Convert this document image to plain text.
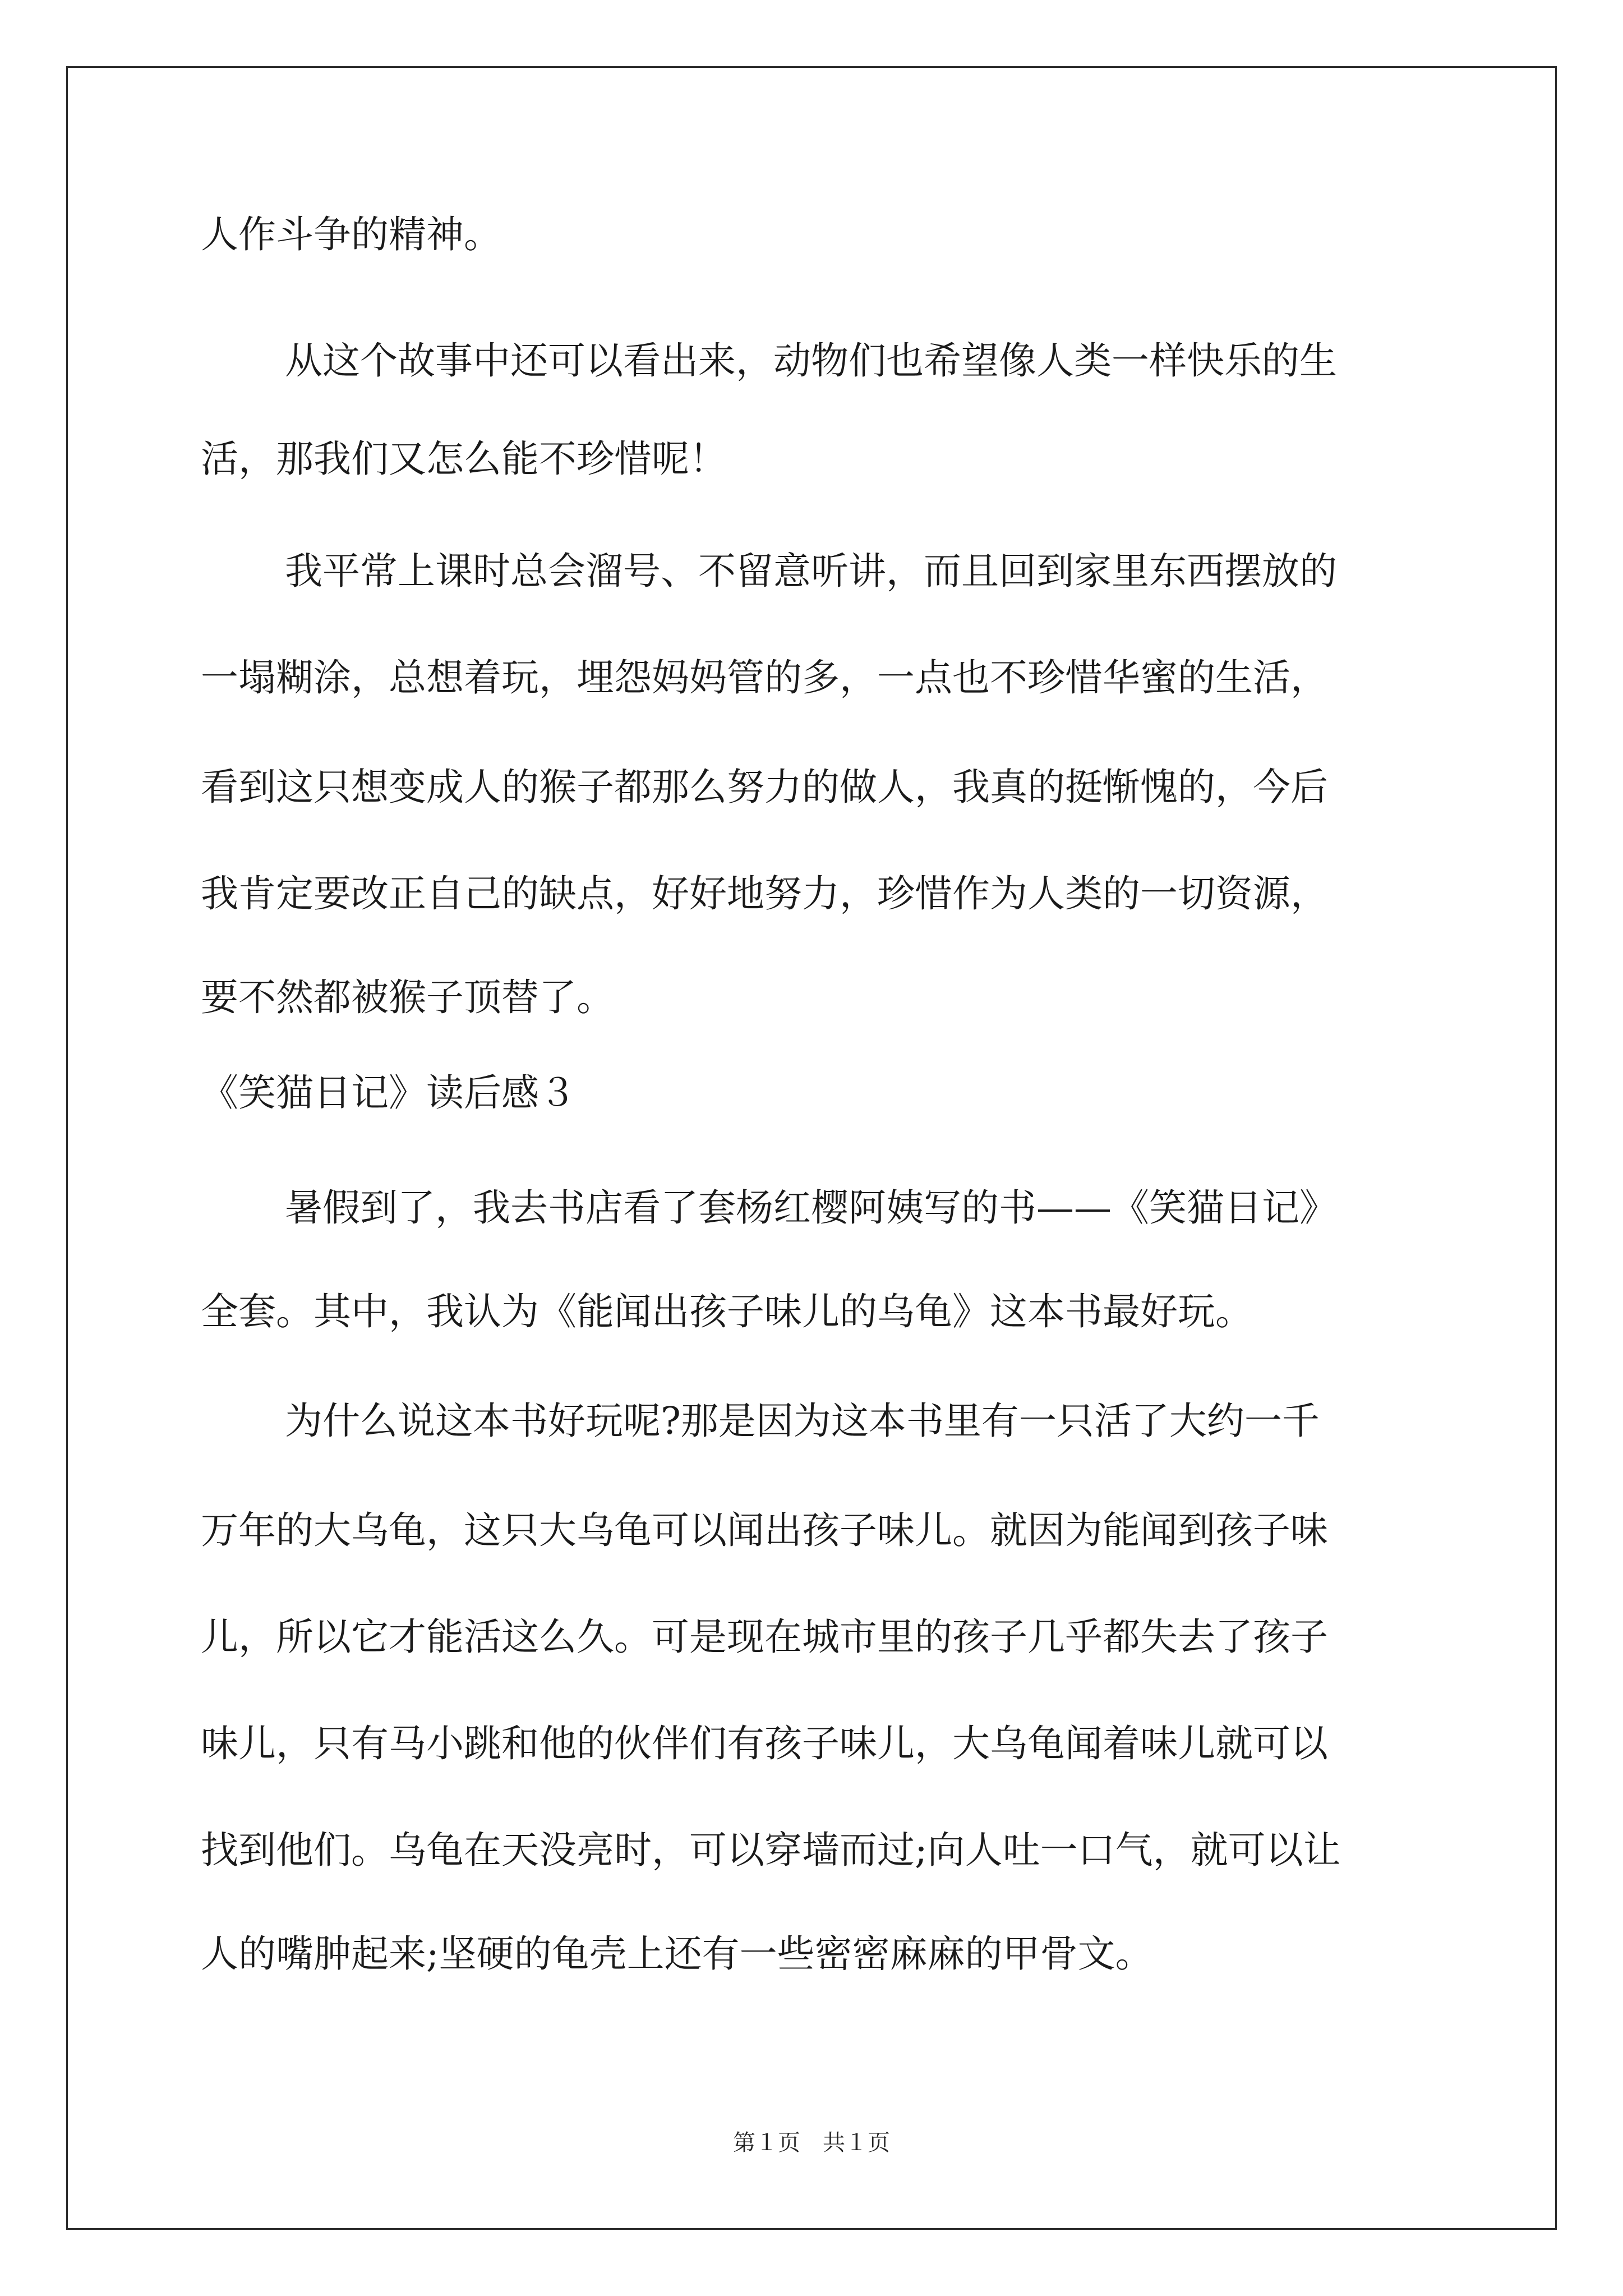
人作斗争的精神。
从这个故事中还可以看出来，动物们也希望像人类一样快乐的生
活，那我们又怎么能不珍惜呢！
我平常上课时总会溜号、不留意听讲，而且回到家里东西摆放的
一塌糊涂，总想着玩，埋怨妈妈管的多，一点也不珍惜华蜜的生活，
看到这只想变成人的猴子都那么努力的做人，我真的挺惭愧的，今后
我肯定要改正自己的缺点，好好地努力，珍惜作为人类的一切资源，
要不然都被猴子顶替了。
《笑猫日记》读后感３
暑假到了，我去书店看了套杨红樱阿姨写的书——《笑猫日记》
全套。其中，我认为《能闻出孩子味儿的乌龟》这本书最好玩。
为什么说这本书好玩呢?那是因为这本书里有一只活了大约一千
万年的大乌龟，这只大乌龟可以闻出孩子味儿。就因为能闻到孩子味
儿，所以它才能活这么久。可是现在城市里的孩子几乎都失去了孩子
味儿，只有马小跳和他的伙伴们有孩子味儿，大乌龟闻着味儿就可以
找到他们。乌龟在天没亮时，可以穿墙而过;向人吐一口气，就可以让
人的嘴肿起来;坚硬的龟壳上还有一些密密麻麻的甲骨文。
第１页　共１页
